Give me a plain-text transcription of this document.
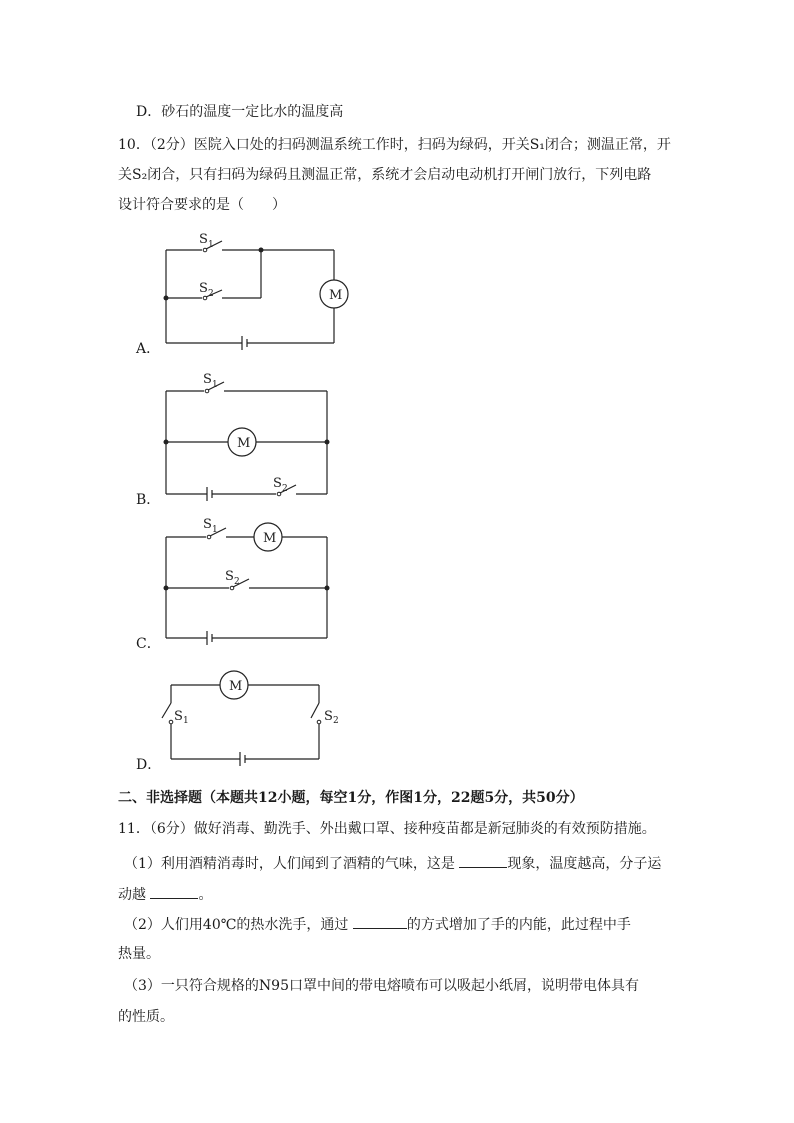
D．砂石的温度一定比水的温度高
10．（2分）医院入口处的扫码测温系统工作时，扫码为绿码，开关S₁闭合；测温正常，开
关S₂闭合，只有扫码为绿码且测温正常，系统才会启动电动机打开闸门放行，下列电路
设计符合要求的是（　　）
A．
S 1
S 2	M
B．
S 1
M
S 2
C．
S 1
M
S 2
D．
M
S 1	S 2
二、非选择题（本题共12小题，每空1分，作图1分，22题5分，共50分）
11．（6分）做好消毒、勤洗手、外出戴口罩、接种疫苗都是新冠肺炎的有效预防措施。
（1）利用酒精消毒时，人们闻到了酒精的气味，这是	现象，温度越高，分子运
动越	。
（2）人们用40℃的热水洗手，通过	的方式增加了手的内能，此过程中手
热量。
（3）一只符合规格的N95口罩中间的带电熔喷布可以吸起小纸屑，说明带电体具有
的性质。
